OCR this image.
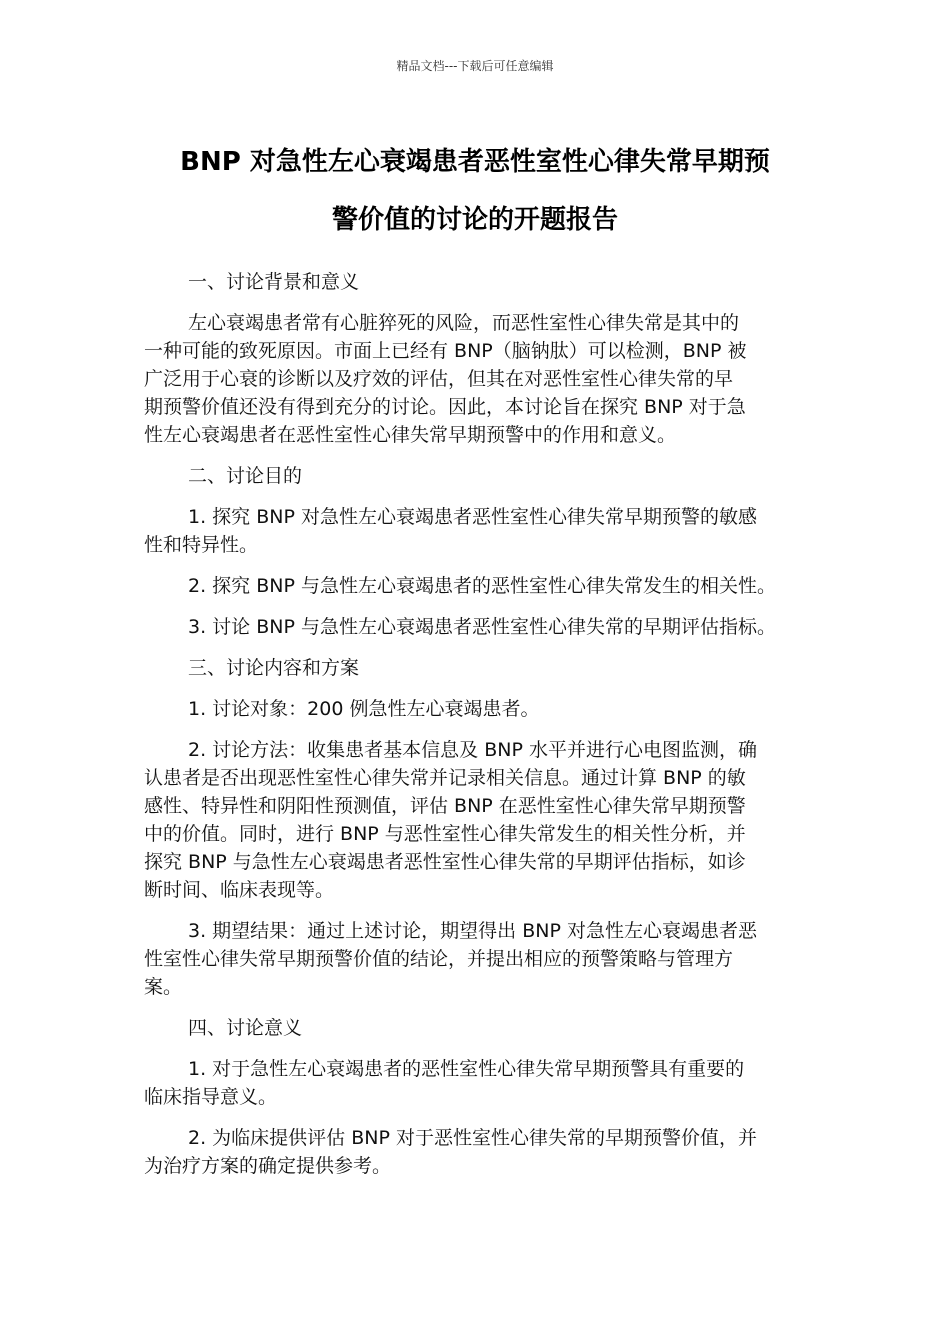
精品文档---下载后可任意编辑
BNP 对急性左心衰竭患者恶性室性心律失常早期预
警价值的讨论的开题报告

一、讨论背景和意义

左心衰竭患者常有心脏猝死的风险，而恶性室性心律失常是其中的
一种可能的致死原因。市面上已经有 BNP（脑钠肽）可以检测，BNP 被
广泛用于心衰的诊断以及疗效的评估，但其在对恶性室性心律失常的早
期预警价值还没有得到充分的讨论。因此，本讨论旨在探究 BNP 对于急
性左心衰竭患者在恶性室性心律失常早期预警中的作用和意义。

二、讨论目的

1. 探究 BNP 对急性左心衰竭患者恶性室性心律失常早期预警的敏感
性和特异性。

2. 探究 BNP 与急性左心衰竭患者的恶性室性心律失常发生的相关性。

3. 讨论 BNP 与急性左心衰竭患者恶性室性心律失常的早期评估指标。

三、讨论内容和方案

1. 讨论对象：200 例急性左心衰竭患者。

2. 讨论方法：收集患者基本信息及 BNP 水平并进行心电图监测，确
认患者是否出现恶性室性心律失常并记录相关信息。通过计算 BNP 的敏
感性、特异性和阴阳性预测值，评估 BNP 在恶性室性心律失常早期预警
中的价值。同时，进行 BNP 与恶性室性心律失常发生的相关性分析，并
探究 BNP 与急性左心衰竭患者恶性室性心律失常的早期评估指标，如诊
断时间、临床表现等。

3. 期望结果：通过上述讨论，期望得出 BNP 对急性左心衰竭患者恶
性室性心律失常早期预警价值的结论，并提出相应的预警策略与管理方
案。

四、讨论意义

1. 对于急性左心衰竭患者的恶性室性心律失常早期预警具有重要的
临床指导意义。

2. 为临床提供评估 BNP 对于恶性室性心律失常的早期预警价值，并
为治疗方案的确定提供参考。
